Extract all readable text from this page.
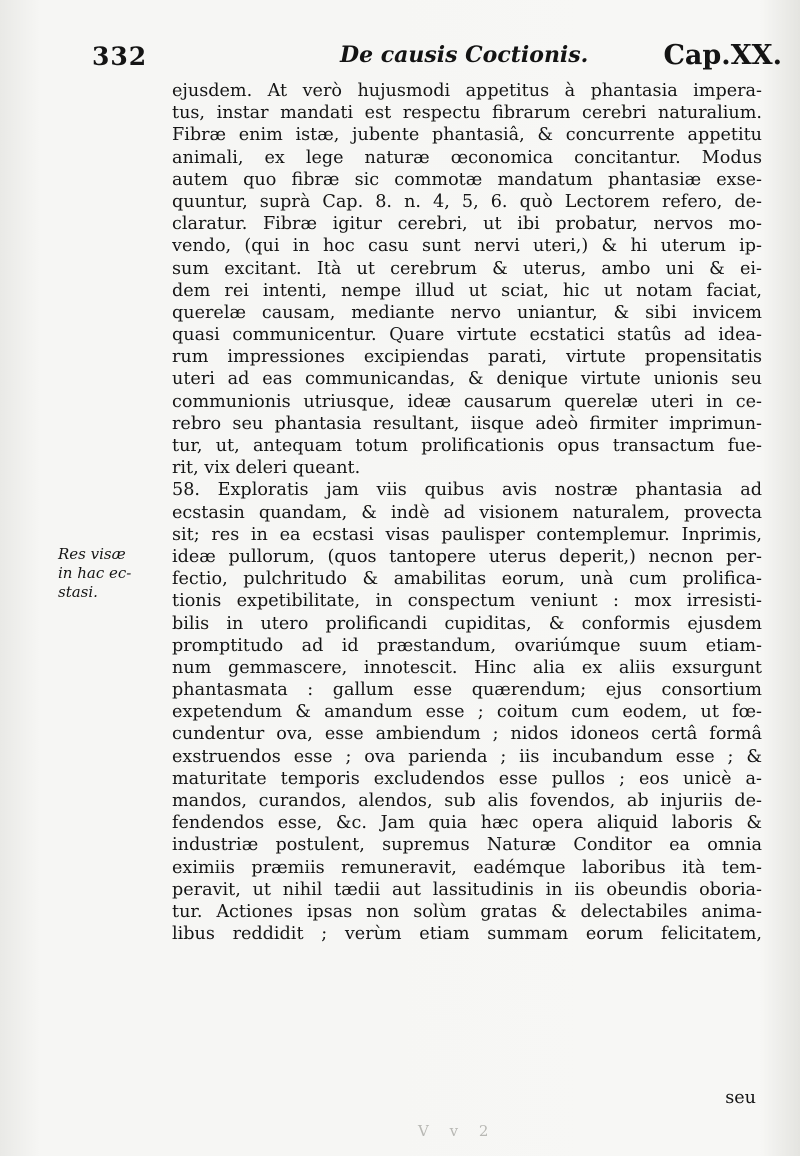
332	De causis Coctionis.	Cap.XX.
Res visæ
in hac ec-
stasi.
ejusdem. At verò hujusmodi appetitus à phantasia impera-
tus, instar mandati est respectu fibrarum cerebri naturalium.
Fibræ enim istæ, jubente phantasiâ, & concurrente appetitu
animali, ex lege naturæ œconomica concitantur. Modus
autem quo fibræ sic commotæ mandatum phantasiæ exse-
quuntur, suprà Cap. 8. n. 4, 5, 6. quò Lectorem refero, de-
claratur. Fibræ igitur cerebri, ut ibi probatur, nervos mo-
vendo, (qui in hoc casu sunt nervi uteri,) & hi uterum ip-
sum excitant. Ità ut cerebrum & uterus, ambo uni & ei-
dem rei intenti, nempe illud ut sciat, hic ut notam faciat,
querelæ causam, mediante nervo uniantur, & sibi invicem
quasi communicentur. Quare virtute ecstatici statûs ad idea-
rum impressiones excipiendas parati, virtute propensitatis
uteri ad eas communicandas, & denique virtute unionis seu
communionis utriusque, ideæ causarum querelæ uteri in ce-
rebro seu phantasia resultant, iisque adeò firmiter imprimun-
tur, ut, antequam totum prolificationis opus transactum fue-
rit, vix deleri queant.
58. Exploratis jam viis quibus avis nostræ phantasia ad
ecstasin quandam, & indè ad visionem naturalem, provecta
sit; res in ea ecstasi visas paulisper contemplemur. Inprimis,
ideæ pullorum, (quos tantopere uterus deperit,) necnon per-
fectio, pulchritudo & amabilitas eorum, unà cum prolifica-
tionis expetibilitate, in conspectum veniunt : mox irresisti-
bilis in utero prolificandi cupiditas, & conformis ejusdem
promptitudo ad id præstandum, ovariúmque suum etiam-
num gemmascere, innotescit. Hinc alia ex aliis exsurgunt
phantasmata : gallum esse quærendum; ejus consortium
expetendum & amandum esse ; coitum cum eodem, ut fœ-
cundentur ova, esse ambiendum ; nidos idoneos certâ formâ
exstruendos esse ; ova parienda ; iis incubandum esse ; &
maturitate temporis excludendos esse pullos ; eos unicè a-
mandos, curandos, alendos, sub alis fovendos, ab injuriis de-
fendendos esse, &c. Jam quia hæc opera aliquid laboris &
industriæ postulent, supremus Naturæ Conditor ea omnia
eximiis præmiis remuneravit, eadémque laboribus ità tem-
peravit, ut nihil tædii aut lassitudinis in iis obeundis oboria-
tur. Actiones ipsas non solùm gratas & delectabiles anima-
libus reddidit ; verùm etiam summam eorum felicitatem,
seu
V v 2
